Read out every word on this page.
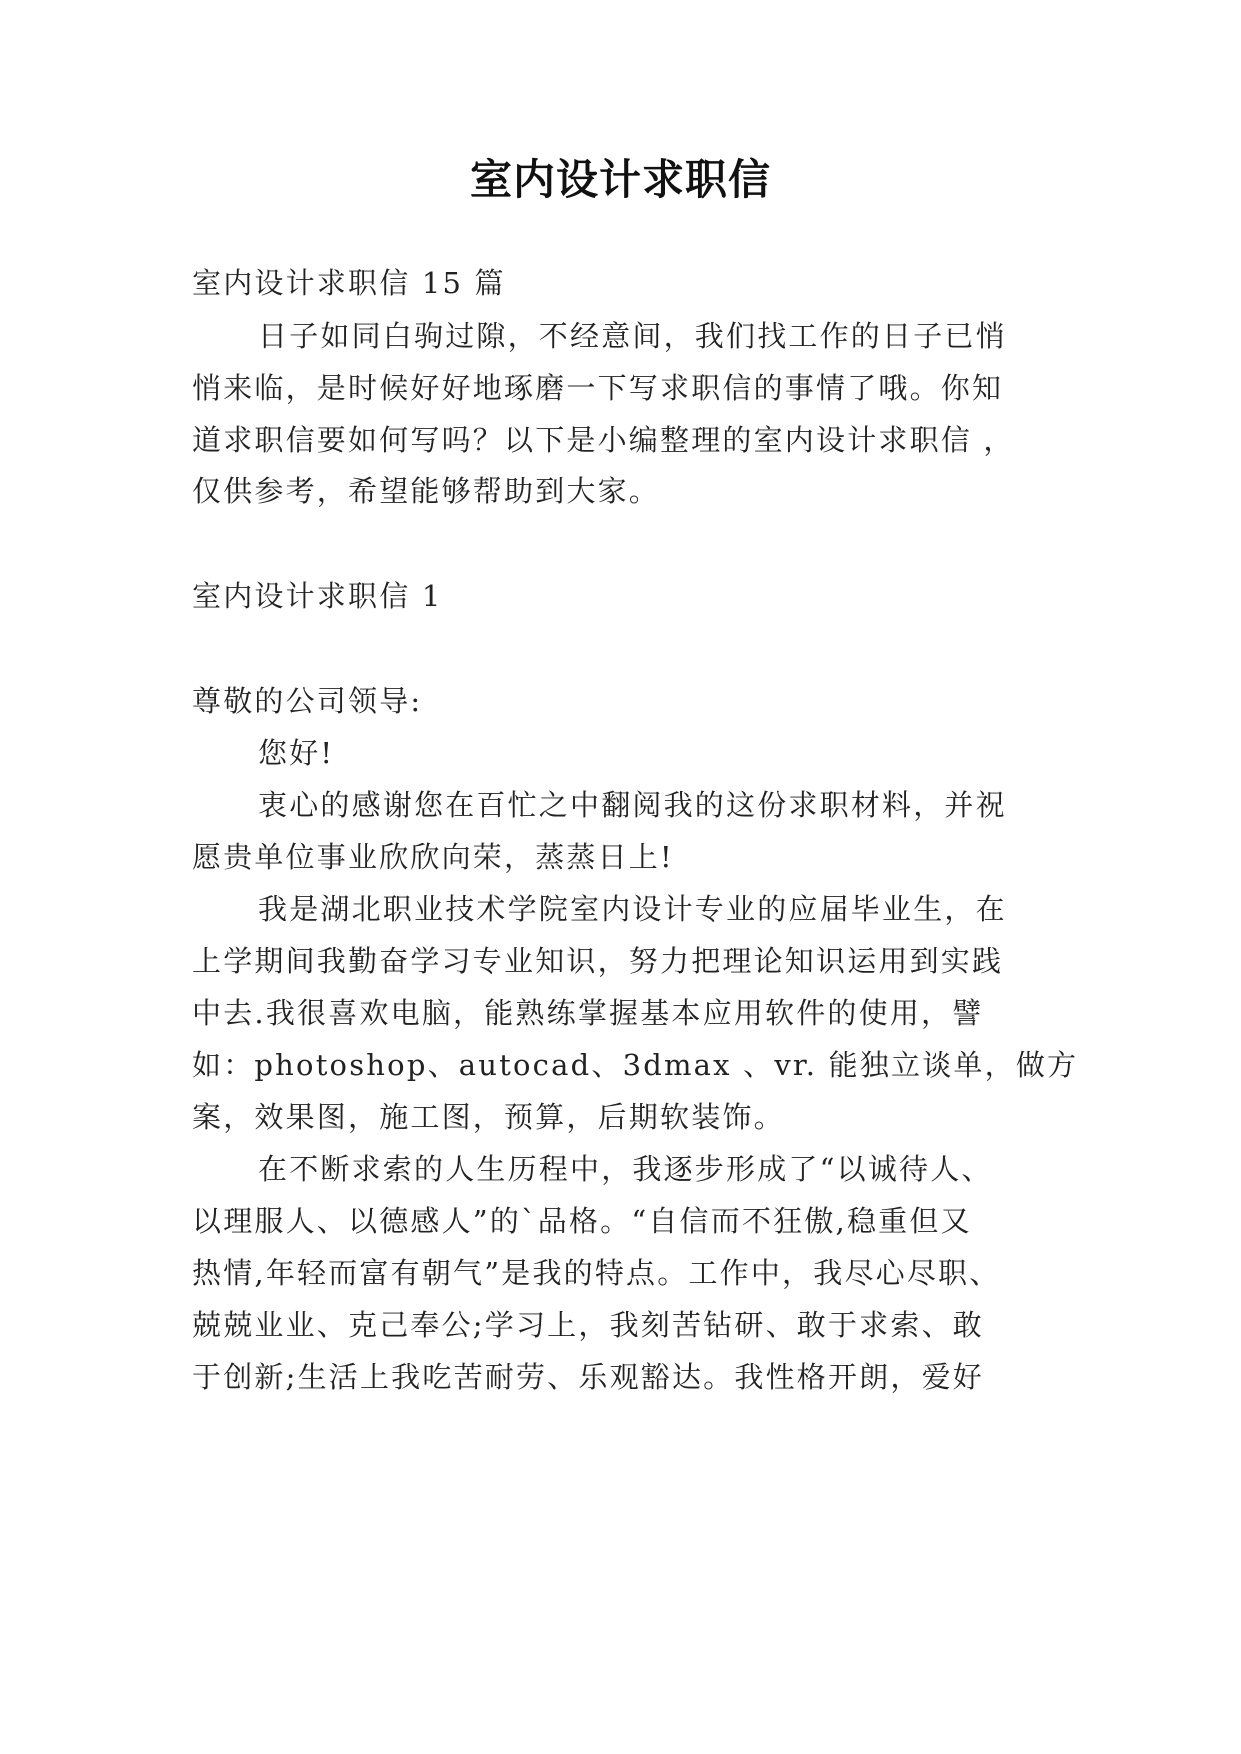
室内设计求职信
室内设计求职信 15 篇
日子如同白驹过隙，不经意间，我们找工作的日子已悄
悄来临，是时候好好地琢磨一下写求职信的事情了哦。你知
道求职信要如何写吗？以下是小编整理的室内设计求职信 ，
仅供参考，希望能够帮助到大家。
室内设计求职信 1
尊敬的公司领导:
您好!
衷心的感谢您在百忙之中翻阅我的这份求职材料，并祝
愿贵单位事业欣欣向荣，蒸蒸日上!
我是湖北职业技术学院室内设计专业的应届毕业生，在
上学期间我勤奋学习专业知识，努力把理论知识运用到实践
中去.我很喜欢电脑，能熟练掌握基本应用软件的使用，譬
如：photoshop、autocad、3dmax 、vr. 能独立谈单，做方
案，效果图，施工图，预算，后期软装饰。
在不断求索的人生历程中，我逐步形成了“以诚待人、
以理服人、以德感人”的`品格。“自信而不狂傲,稳重但又
热情,年轻而富有朝气”是我的特点。工作中，我尽心尽职、
兢兢业业、克己奉公;学习上，我刻苦钻研、敢于求索、敢
于创新;生活上我吃苦耐劳、乐观豁达。我性格开朗，爱好
